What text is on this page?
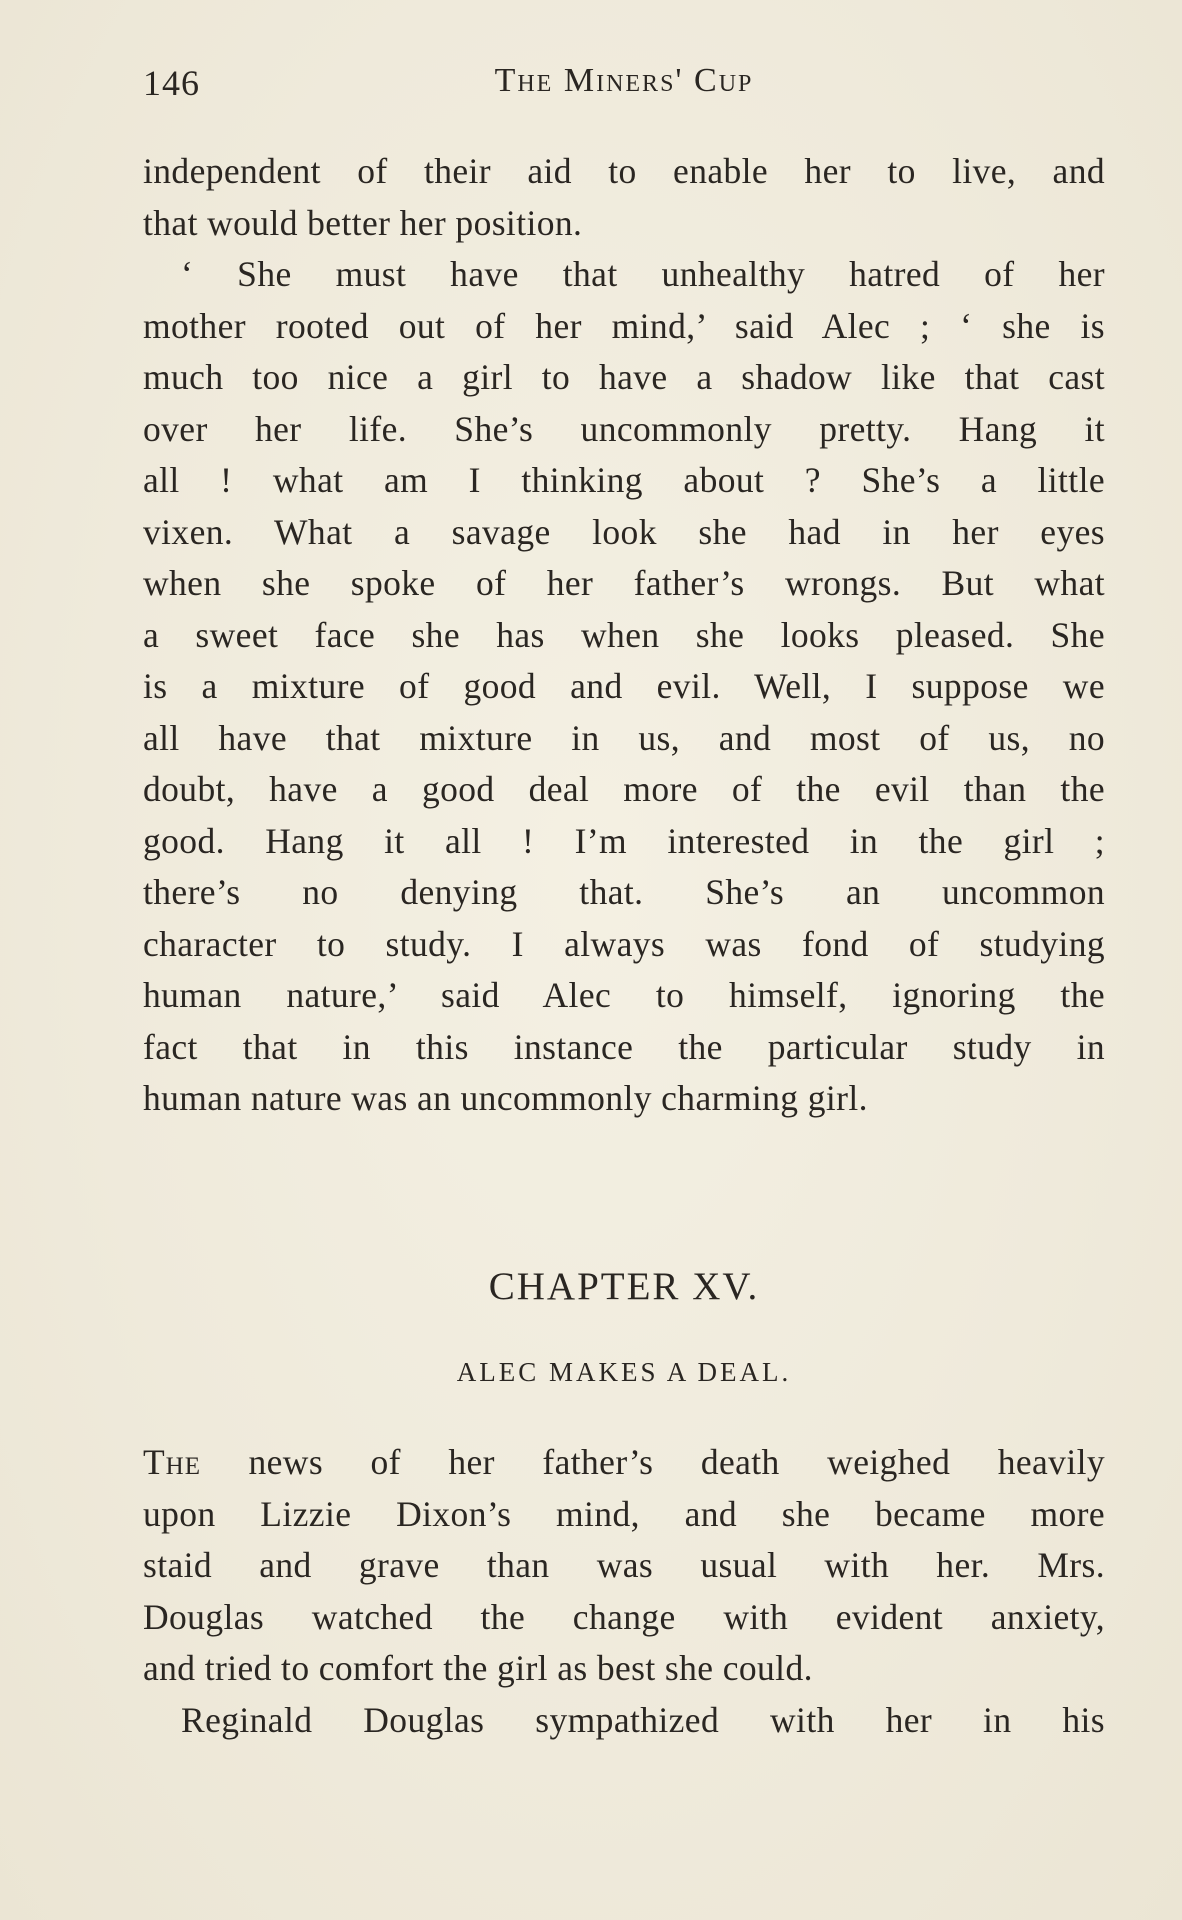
146	The Miners' Cup

independent of their aid to enable her to live, and

that would better her position.

‘ She must have that unhealthy hatred of her

mother rooted out of her mind,’ said Alec ; ‘ she is

much too nice a girl to have a shadow like that cast

over her life. She’s uncommonly pretty. Hang it

all ! what am I thinking about ? She’s a little

vixen. What a savage look she had in her eyes

when she spoke of her father’s wrongs. But what

a sweet face she has when she looks pleased. She

is a mixture of good and evil. Well, I suppose we

all have that mixture in us, and most of us, no

doubt, have a good deal more of the evil than the

good. Hang it all ! I’m interested in the girl ;

there’s no denying that. She’s an uncommon

character to study. I always was fond of studying

human nature,’ said Alec to himself, ignoring the

fact that in this instance the particular study in

human nature was an uncommonly charming girl.

CHAPTER XV.
ALEC MAKES A DEAL.

The news of her father’s death weighed heavily

upon Lizzie Dixon’s mind, and she became more

staid and grave than was usual with her. Mrs.

Douglas watched the change with evident anxiety,

and tried to comfort the girl as best she could.

Reginald Douglas sympathized with her in his
